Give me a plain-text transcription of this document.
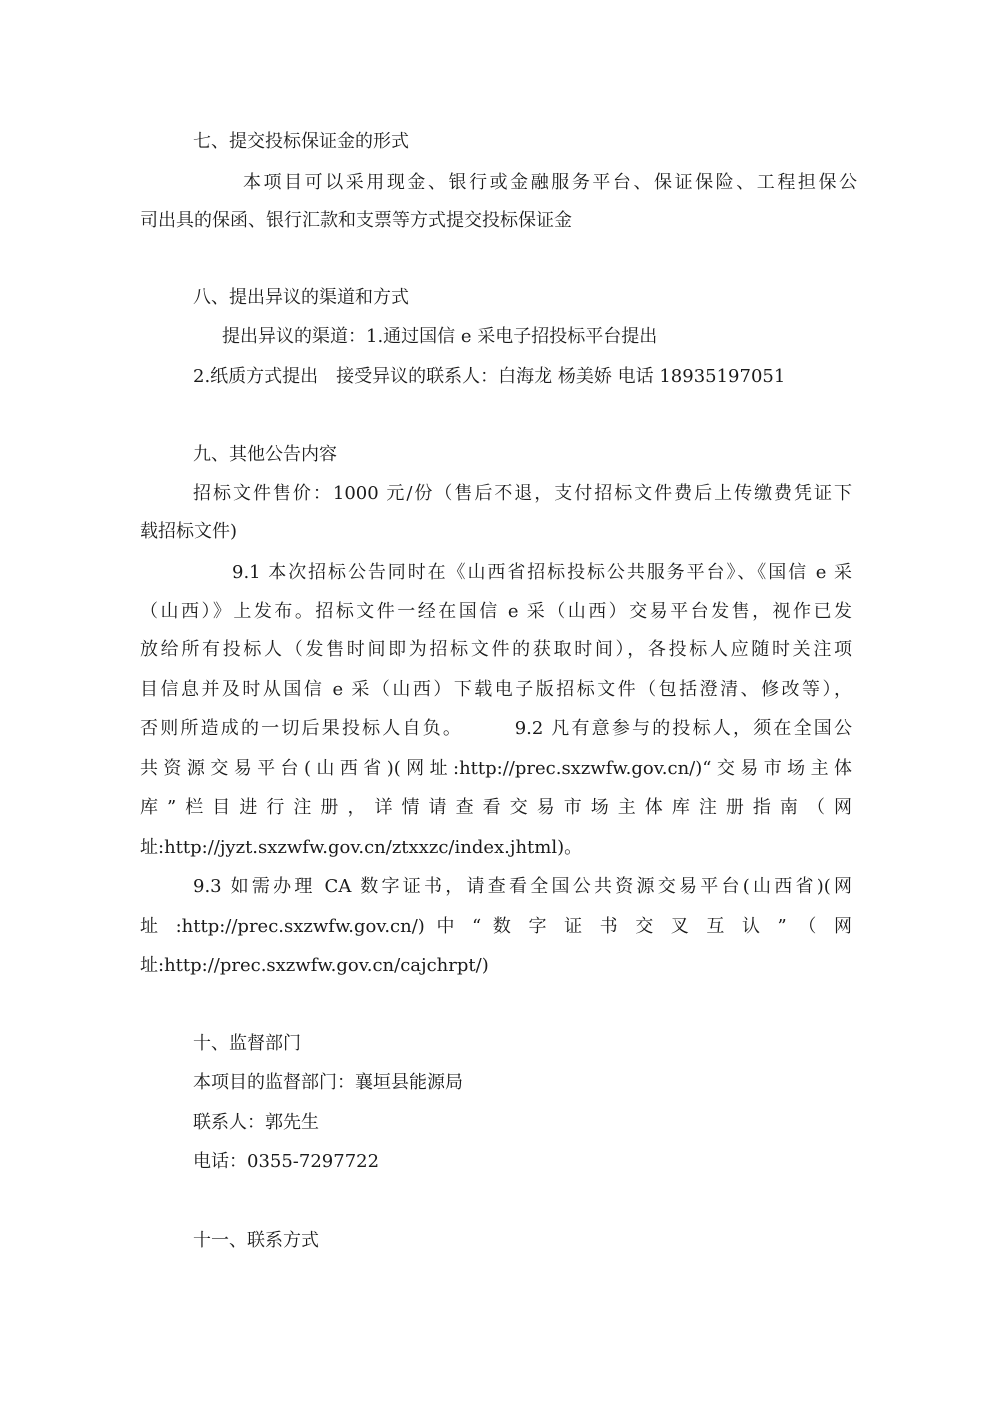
七、提交投标保证金的形式
本项目可以采用现金、银行或金融服务平台、保证保险、工程担保公
司出具的保函、银行汇款和支票等方式提交投标保证金
八、提出异议的渠道和方式
提出异议的渠道：1.通过国信 e 采电子招投标平台提出
2.纸质方式提出　接受异议的联系人：白海龙 杨美娇 电话 18935197051
九、其他公告内容
招标文件售价：1000 元/份（售后不退，支付招标文件费后上传缴费凭证下
载招标文件)
9.1 本次招标公告同时在《山西省招标投标公共服务平台》、《国信 e 采
（山西）》上发布。招标文件一经在国信 e 采（山西）交易平台发售，视作已发
放给所有投标人（发售时间即为招标文件的获取时间），各投标人应随时关注项
目信息并及时从国信 e 采（山西）下载电子版招标文件（包括澄清、修改等），
否则所造成的一切后果投标人自负。　　　9.2 凡有意参与的投标人，须在全国公
共资源交易平台(山西省)(网址:http://prec.sxzwfw.gov.cn/)“交易市场主体
库”栏目进行注册，详情请查看交易市场主体库注册指南（网
址:http://jyzt.sxzwfw.gov.cn/ztxxzc/index.jhtml)。
9.3 如需办理 CA 数字证书，请查看全国公共资源交易平台(山西省)(网
址 :http://prec.sxzwfw.gov.cn/) 中 “ 数 字 证 书 交 叉 互 认 ” （ 网
址:http://prec.sxzwfw.gov.cn/cajchrpt/)
十、监督部门
本项目的监督部门：襄垣县能源局
联系人：郭先生
电话：0355-7297722
十一、联系方式
